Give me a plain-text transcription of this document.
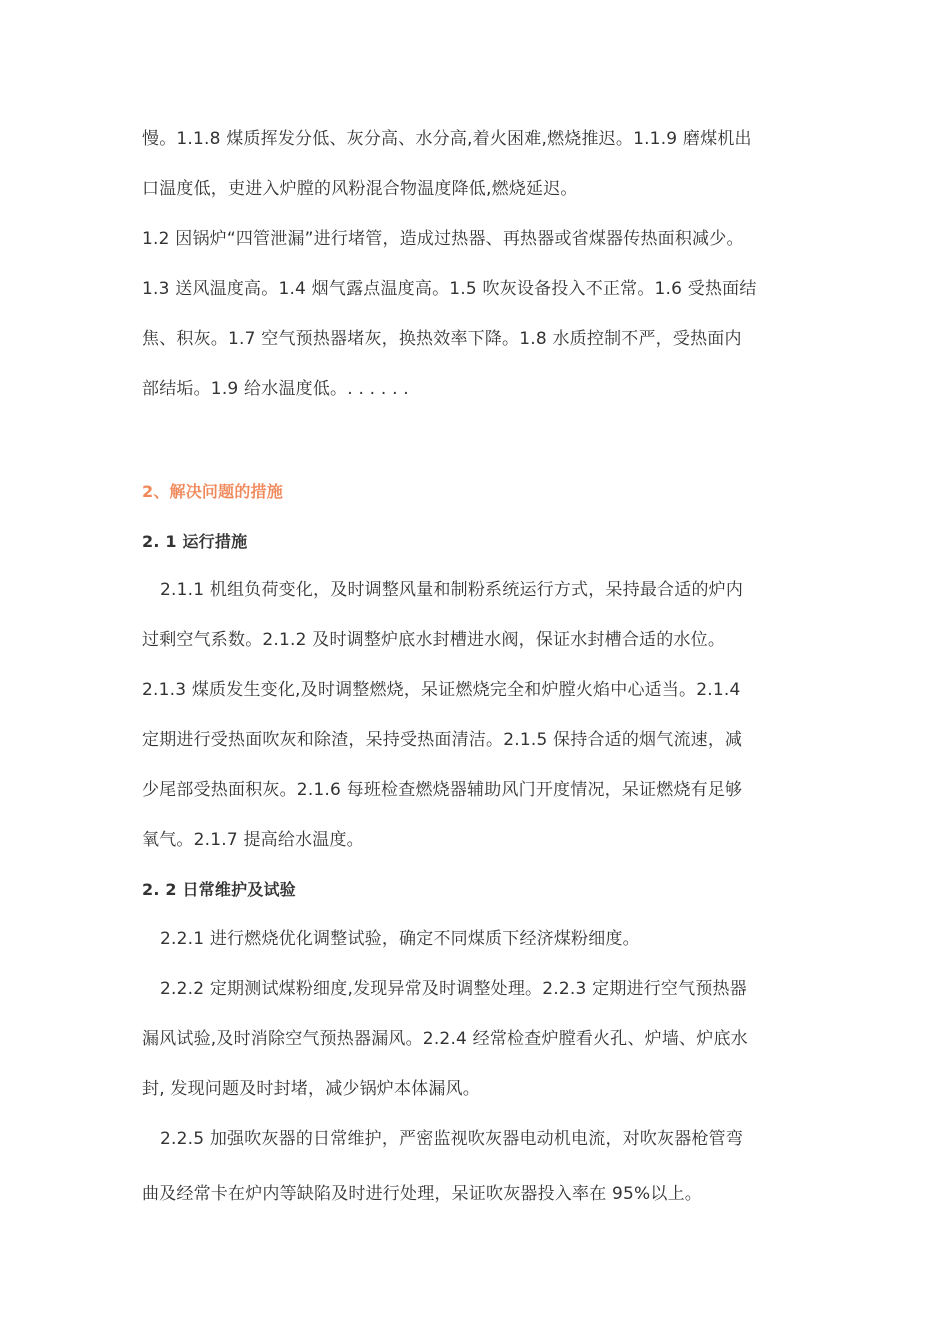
慢。1.1.8 煤质挥发分低、灰分高、水分高,着火困难,燃烧推迟。1.1.9 磨煤机出
口温度低，吏进入炉膛的风粉混合物温度降低,燃烧延迟。
1.2 因锅炉“四管泄漏”进行堵管，造成过热器、再热器或省煤器传热面积减少。
1.3 送风温度高。1.4 烟气露点温度高。1.5 吹灰设备投入不正常。1.6 受热面结
焦、积灰。1.7 空气预热器堵灰，换热效率下降。1.8 水质控制不严，受热面内
部结垢。1.9 给水温度低。. . . . . .
2、解决问题的措施
2. 1 运行措施
2.1.1 机组负荷变化，及时调整风量和制粉系统运行方式，呆持最合适的炉内
过剩空气系数。2.1.2 及时调整炉底水封槽进水阀，保证水封槽合适的水位。
2.1.3 煤质发生变化,及时调整燃烧，呆证燃烧完全和炉膛火焰中心适当。2.1.4
定期进行受热面吹灰和除渣，呆持受热面清洁。2.1.5 保持合适的烟气流速，减
少尾部受热面积灰。2.1.6 每班检查燃烧器辅助风门开度情况，呆证燃烧有足够
氧气。2.1.7 提高给水温度。
2. 2 日常维护及试验
2.2.1 进行燃烧优化调整试验，确定不同煤质下经济煤粉细度。
2.2.2 定期测试煤粉细度,发现异常及时调整处理。2.2.3 定期进行空气预热器
漏风试验,及时消除空气预热器漏风。2.2.4 经常检查炉膛看火孔、炉墙、炉底水
封, 发现问题及时封堵，减少锅炉本体漏风。
2.2.5 加强吹灰器的日常维护，严密监视吹灰器电动机电流，对吹灰器枪管弯
曲及经常卡在炉内等缺陷及时进行处理，呆证吹灰器投入率在 95%以上。
